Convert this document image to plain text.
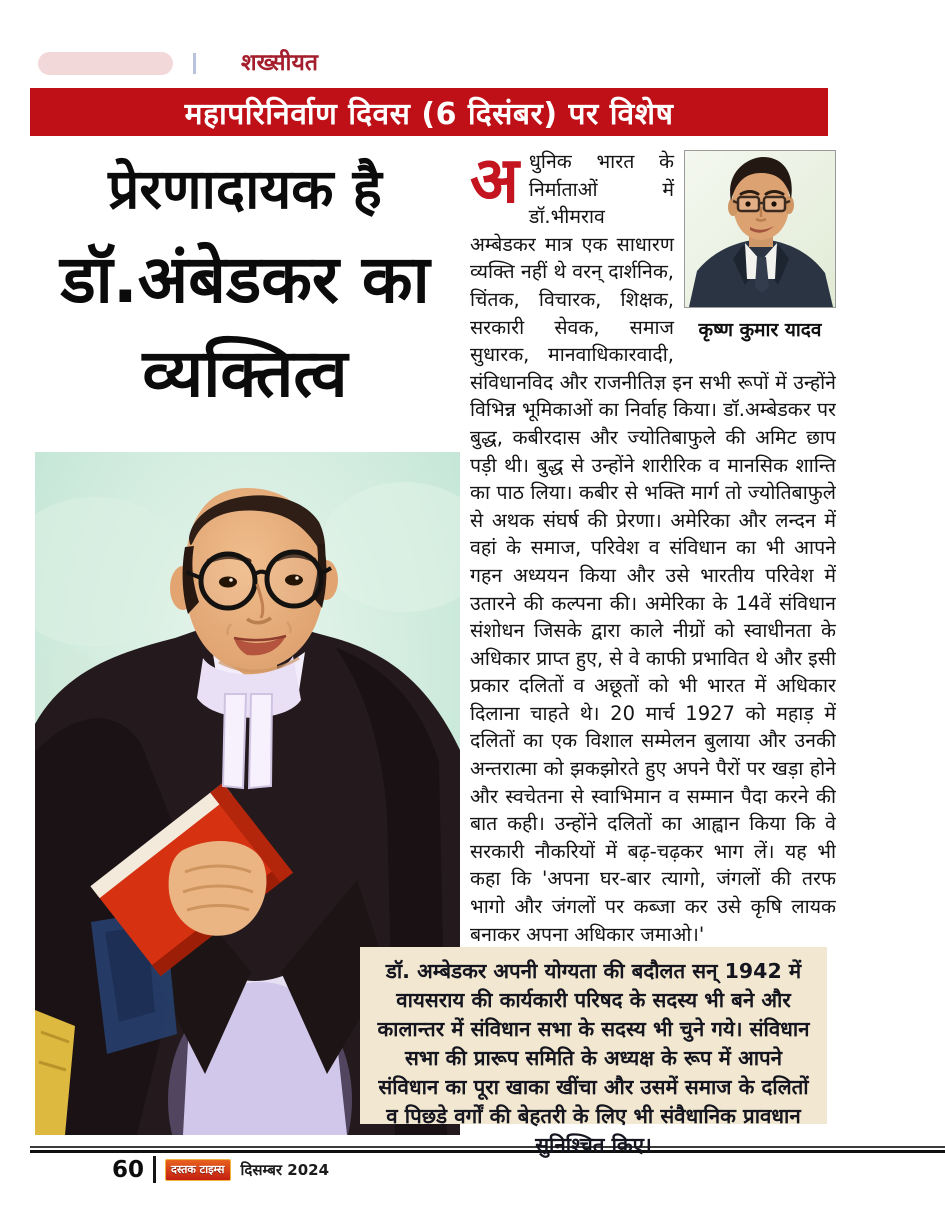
शख्सीयत
महापरिनिर्वाण दिवस (6 दिसंबर) पर विशेष
प्रेरणादायक है
डॉ.अंबेडकर का
व्यक्तित्व
कृष्ण कुमार यादव

अधुनिक भारत के निर्माताओं में डॉ.भीमराव अम्बेडकर मात्र एक साधारण व्यक्ति नहीं थे वरन् दार्शनिक, चिंतक, विचारक, शिक्षक, सरकारी सेवक, समाज सुधारक, मानवाधिकारवादी, संविधानविद और राजनीतिज्ञ इन सभी रूपों में उन्होंने विभिन्न भूमिकाओं का निर्वाह किया। डॉ.अम्बेडकर पर बुद्ध, कबीरदास और ज्योतिबाफुले की अमिट छाप पड़ी थी। बुद्ध से उन्होंने शारीरिक व मानसिक शान्ति का पाठ लिया। कबीर से भक्ति मार्ग तो ज्योतिबाफुले से अथक संघर्ष की प्रेरणा। अमेरिका और लन्दन में वहां के समाज, परिवेश व संविधान का भी आपने गहन अध्ययन किया और उसे भारतीय परिवेश में उतारने की कल्पना की। अमेरिका के 14वें संविधान संशोधन जिसके द्वारा काले नीग्रों को स्वाधीनता के अधिकार प्राप्त हुए, से वे काफी प्रभावित थे और इसी प्रकार दलितों व अछूतों को भी भारत में अधिकार दिलाना चाहते थे। 20 मार्च 1927 को महाड़ में दलितों का एक विशाल सम्मेलन बुलाया और उनकी अन्तरात्मा को झकझोरते हुए अपने पैरों पर खड़ा होने और स्वचेतना से स्वाभिमान व सम्मान पैदा करने की बात कही। उन्होंने दलितों का आह्वान किया कि वे सरकारी नौकरियों में बढ़-चढ़कर भाग लें। यह भी कहा कि 'अपना घर-बार त्यागो, जंगलों की तरफ भागो और जंगलों पर कब्जा कर उसे कृषि लायक बनाकर अपना अधिकार जमाओ।'

डॉ. अम्बेडकर अपनी योग्यता की बदौलत सन् 1942 में वायसराय की कार्यकारी परिषद के सदस्य भी बने और कालान्तर में संविधान सभा के सदस्य भी चुने गये। संविधान सभा की प्रारूप समिति के अध्यक्ष के रूप में आपने संविधान का पूरा खाका खींचा और उसमें समाज के दलितों व पिछड़े वर्गों की बेहतरी के लिए भी संवैधानिक प्रावधान सुनिश्चित किए।
60	दस्तक टाइम्स	दिसम्बर 2024
